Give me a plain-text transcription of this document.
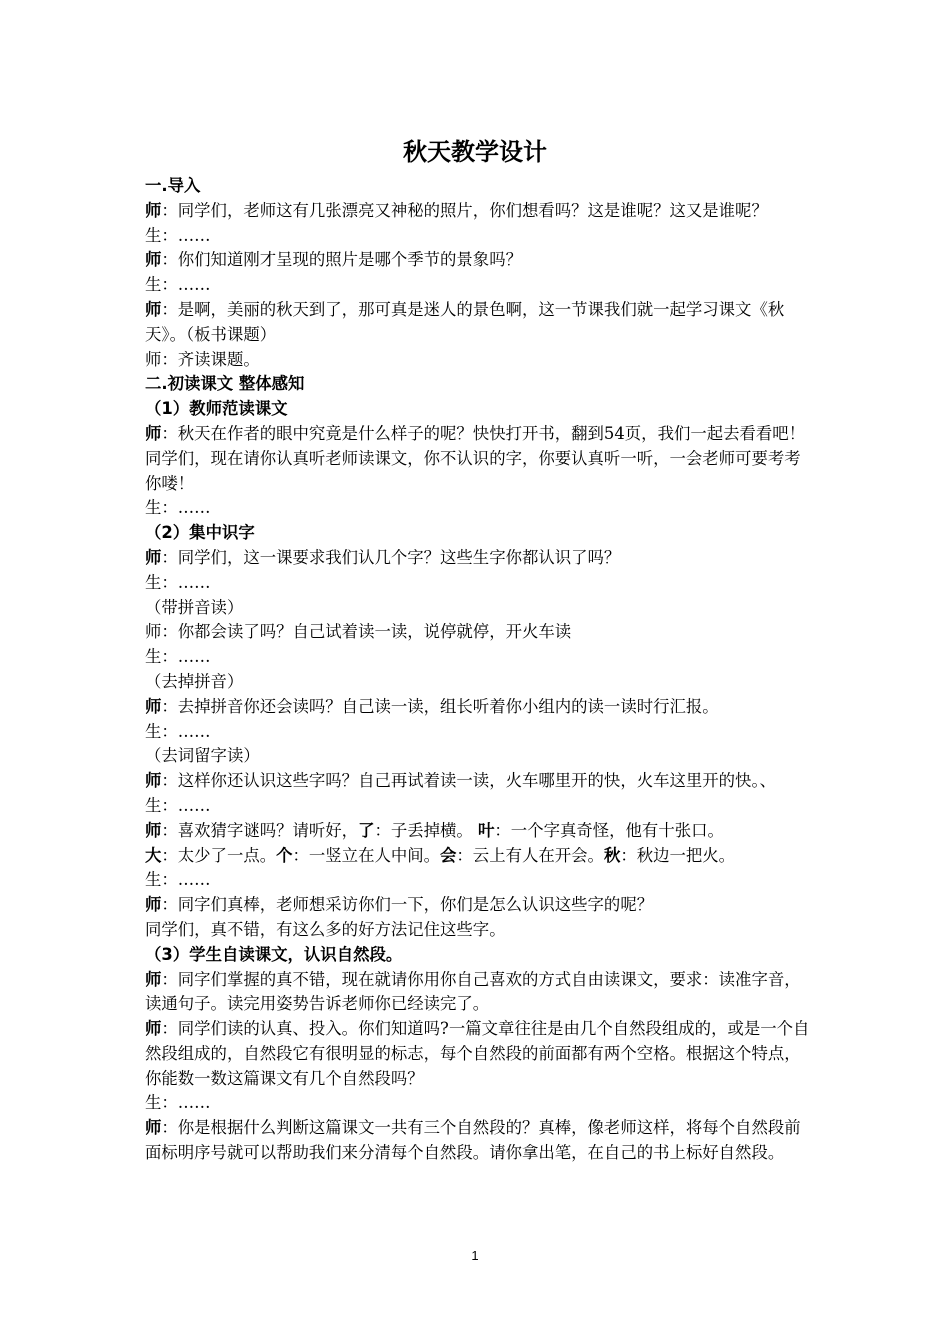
秋天教学设计

一.导入

师：同学们，老师这有几张漂亮又神秘的照片，你们想看吗？这是谁呢？这又是谁呢？生：……

师：你们知道刚才呈现的照片是哪个季节的景象吗？

生：……

师：是啊，美丽的秋天到了，那可真是迷人的景色啊，这一节课我们就一起学习课文《秋天》。（板书课题）

师：齐读课题。

二.初读课文 整体感知

（1）教师范读课文

师：秋天在作者的眼中究竟是什么样子的呢？快快打开书，翻到54页，我们一起去看看吧！同学们，现在请你认真听老师读课文，你不认识的字，你要认真听一听，一会老师可要考考你喽！

生：……

（2）集中识字

师：同学们，这一课要求我们认几个字？这些生字你都认识了吗？

生：……

（带拼音读）

师：你都会读了吗？自己试着读一读，说停就停，开火车读

生：……

（去掉拼音）

师：去掉拼音你还会读吗？自己读一读，组长听着你小组内的读一读时行汇报。

生：……

（去词留字读）

师：这样你还认识这些字吗？自己再试着读一读，火车哪里开的快，火车这里开的快。、

生：……

师：喜欢猜字谜吗？请听好，了：子丢掉横。 叶：一个字真奇怪，他有十张口。

大：太少了一点。个：一竖立在人中间。会：云上有人在开会。秋：秋边一把火。

生：……

师：同字们真棒，老师想采访你们一下，你们是怎么认识这些字的呢？

同学们，真不错，有这么多的好方法记住这些字。

（3）学生自读课文，认识自然段。

师：同字们掌握的真不错，现在就请你用你自己喜欢的方式自由读课文，要求：读准字音，读通句子。读完用姿势告诉老师你已经读完了。

师：同学们读的认真、投入。你们知道吗?一篇文章往往是由几个自然段组成的，或是一个自然段组成的，自然段它有很明显的标志，每个自然段的前面都有两个空格。根据这个特点，你能数一数这篇课文有几个自然段吗？

生：……

师：你是根据什么判断这篇课文一共有三个自然段的？真棒，像老师这样，将每个自然段前面标明序号就可以帮助我们来分清每个自然段。请你拿出笔，在自己的书上标好自然段。

1
